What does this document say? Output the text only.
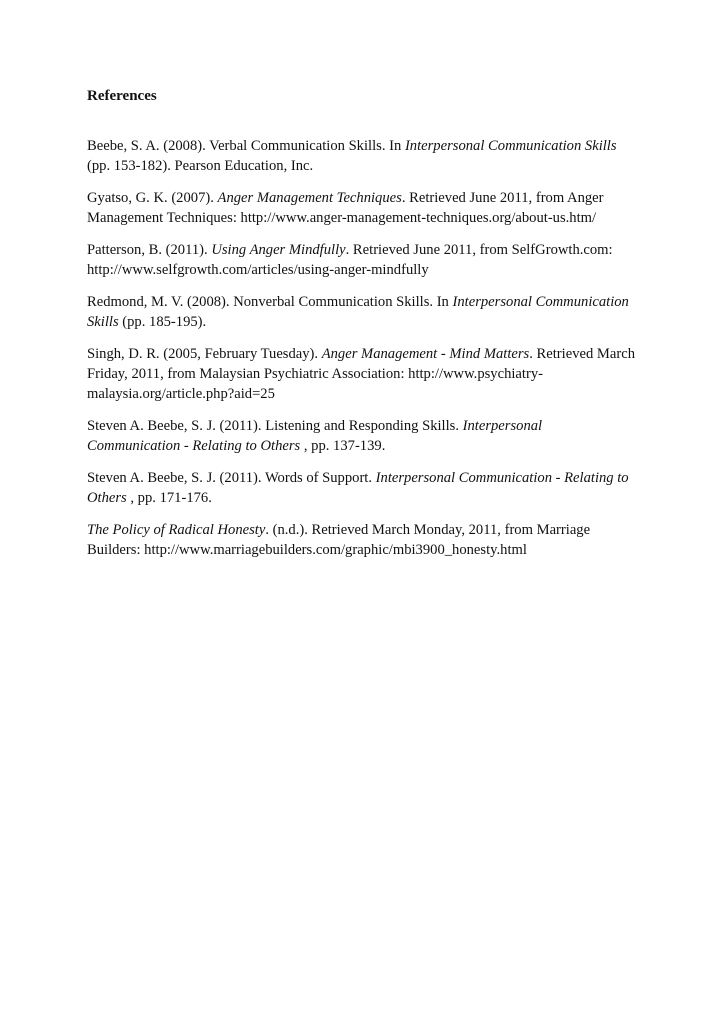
References
Beebe, S. A. (2008). Verbal Communication Skills. In Interpersonal Communication Skills
(pp. 153-182). Pearson Education, Inc.
Gyatso, G. K. (2007). Anger Management Techniques. Retrieved June 2011, from Anger
Management Techniques: http://www.anger-management-techniques.org/about-us.htm/
Patterson, B. (2011). Using Anger Mindfully. Retrieved June 2011, from SelfGrowth.com:
http://www.selfgrowth.com/articles/using-anger-mindfully
Redmond, M. V. (2008). Nonverbal Communication Skills. In Interpersonal Communication
Skills (pp. 185-195).
Singh, D. R. (2005, February Tuesday). Anger Management - Mind Matters. Retrieved March
Friday, 2011, from Malaysian Psychiatric Association: http://www.psychiatry-
malaysia.org/article.php?aid=25
Steven A. Beebe, S. J. (2011). Listening and Responding Skills. Interpersonal
Communication - Relating to Others , pp. 137-139.
Steven A. Beebe, S. J. (2011). Words of Support. Interpersonal Communication - Relating to
Others , pp. 171-176.
The Policy of Radical Honesty. (n.d.). Retrieved March Monday, 2011, from Marriage
Builders: http://www.marriagebuilders.com/graphic/mbi3900_honesty.html
